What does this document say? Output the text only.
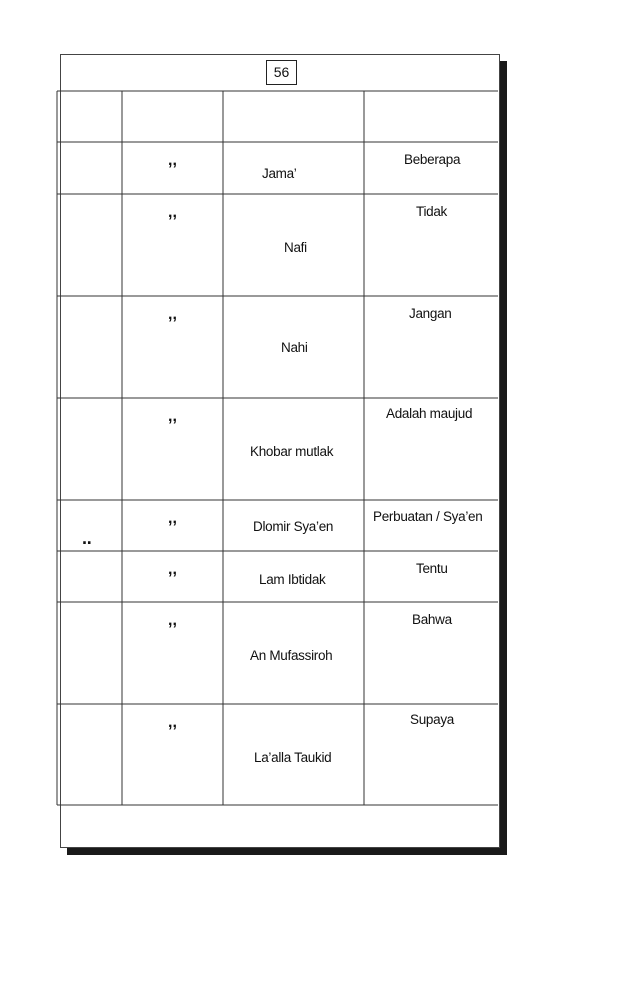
56
,,
Jama’
Beberapa
,,
Nafi
Tidak
,,
Nahi
Jangan
,,
Khobar mutlak
Adalah maujud
,,	Dlomir Sya’en
Perbuatan / Sya’en
..
,,
Lam Ibtidak
Tentu
,,
An Mufassiroh
Bahwa
,,
La’alla Taukid
Supaya
